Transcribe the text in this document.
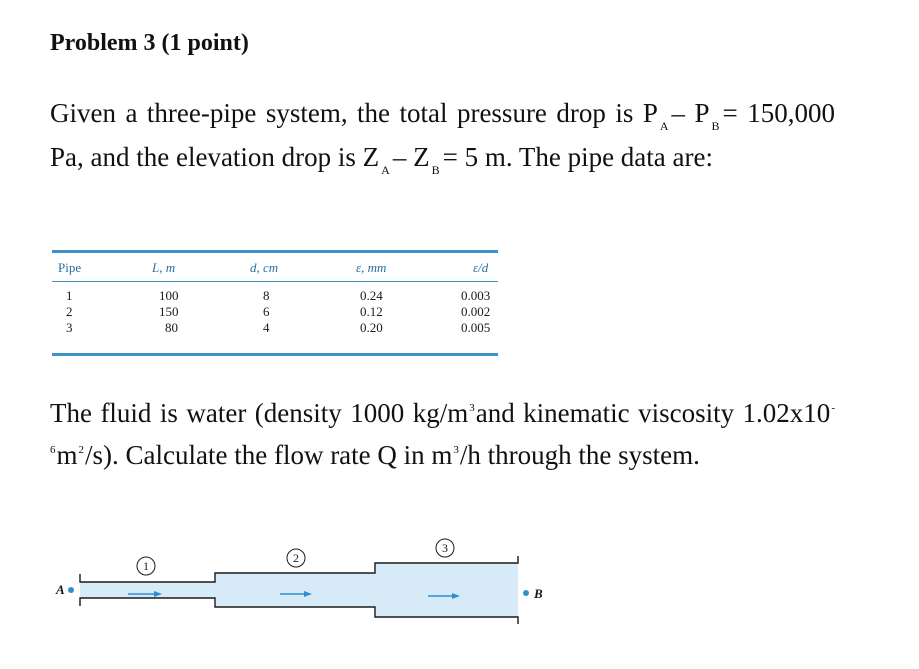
Problem 3 (1 point)
Given a three-pipe system, the total pressure drop is P $_A$ – P $_B$ = 150,000 Pa, and the elevation drop is Z $_A$ – Z $_B$ = 5 m. The pipe data are:
Pipe	L, m	d, cm	ε, mm	ε/d
1	100	8	0.24	0.003
2	150	6	0.12	0.002
3	80	4	0.20	0.005
The fluid is water (density 1000 $kg/m^3and$ kinematic viscosity $1.02x10^{-6}m^2/s$). Calculate the flow rate Q in $m^3/h$ through the system.
A	B
1
2
3
